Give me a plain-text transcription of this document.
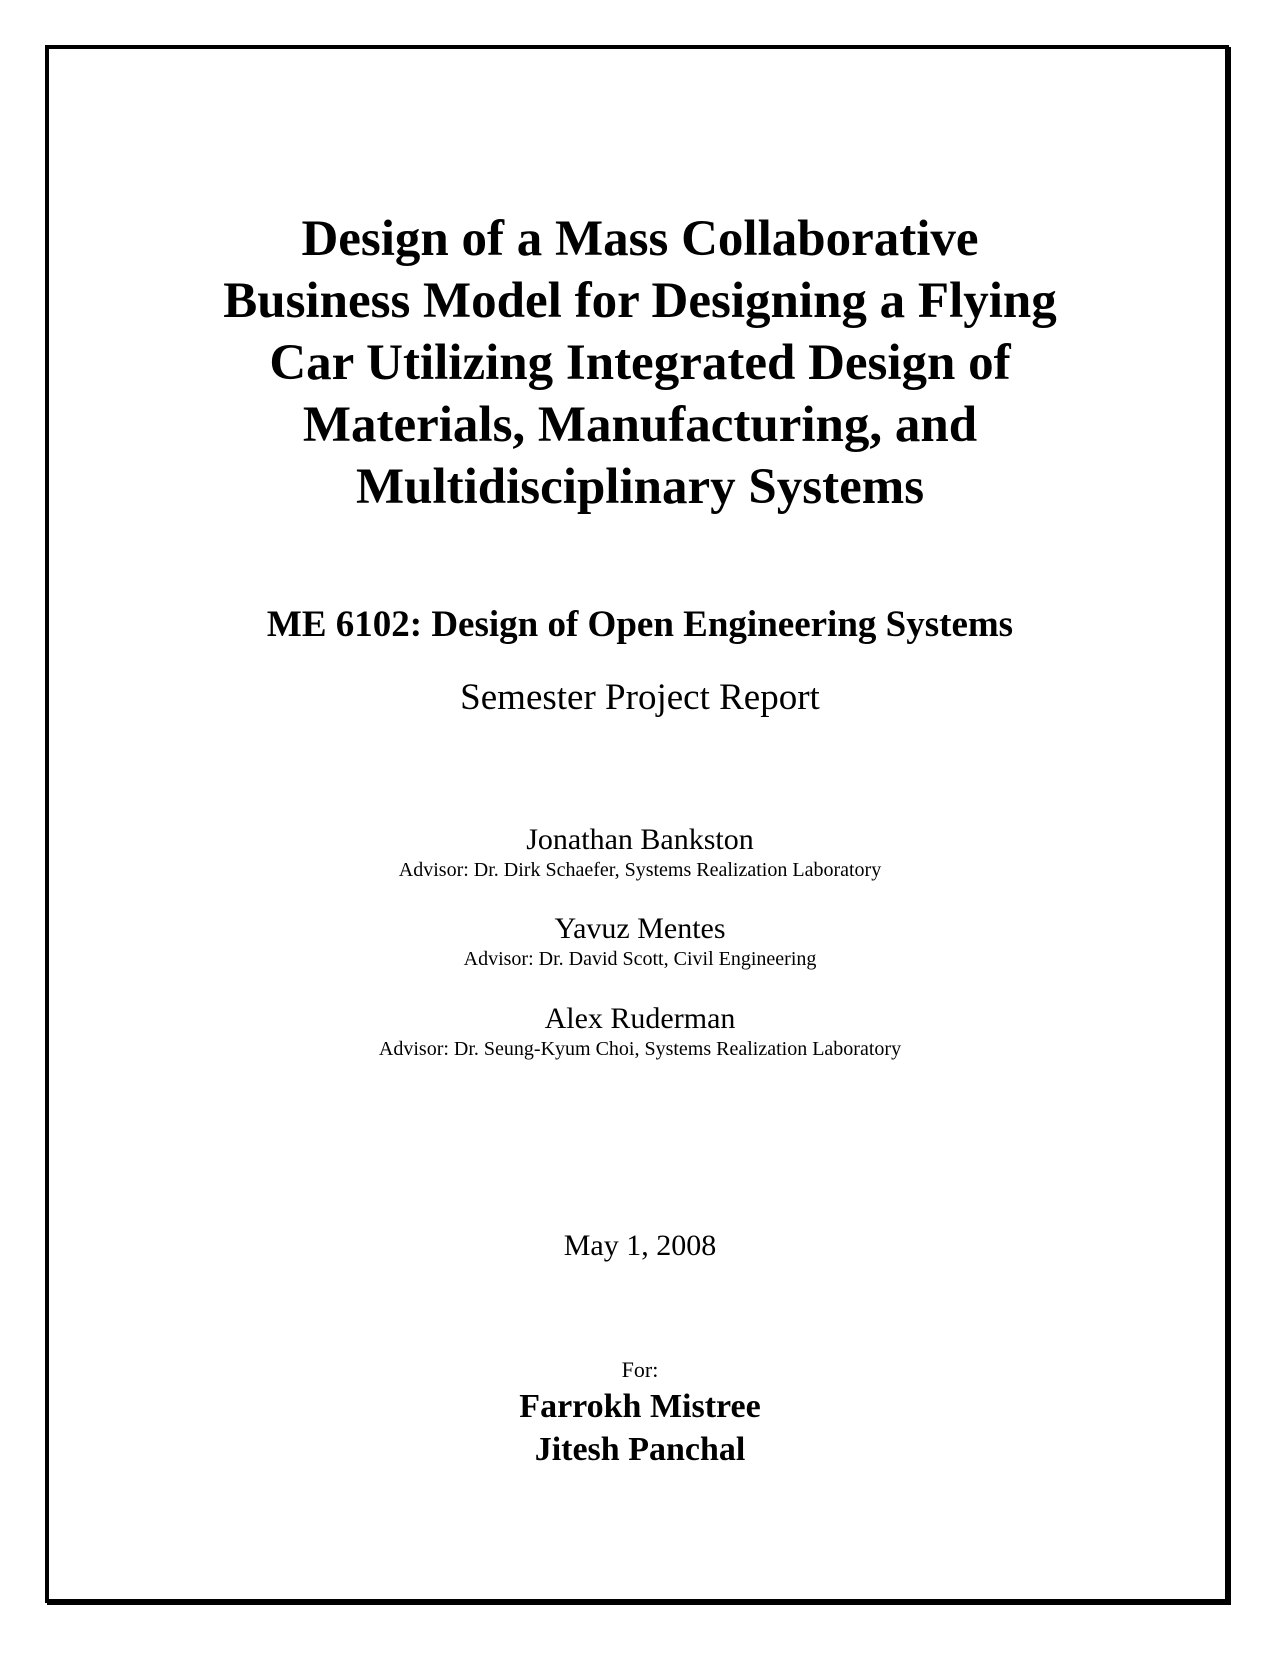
Design of a Mass Collaborative
Business Model for Designing a Flying
Car Utilizing Integrated Design of
Materials, Manufacturing, and
Multidisciplinary Systems
ME 6102: Design of Open Engineering Systems
Semester Project Report
Jonathan Bankston
Advisor: Dr. Dirk Schaefer, Systems Realization Laboratory
Yavuz Mentes
Advisor: Dr. David Scott, Civil Engineering
Alex Ruderman
Advisor: Dr. Seung-Kyum Choi, Systems Realization Laboratory
May 1, 2008
For:
Farrokh Mistree
Jitesh Panchal
